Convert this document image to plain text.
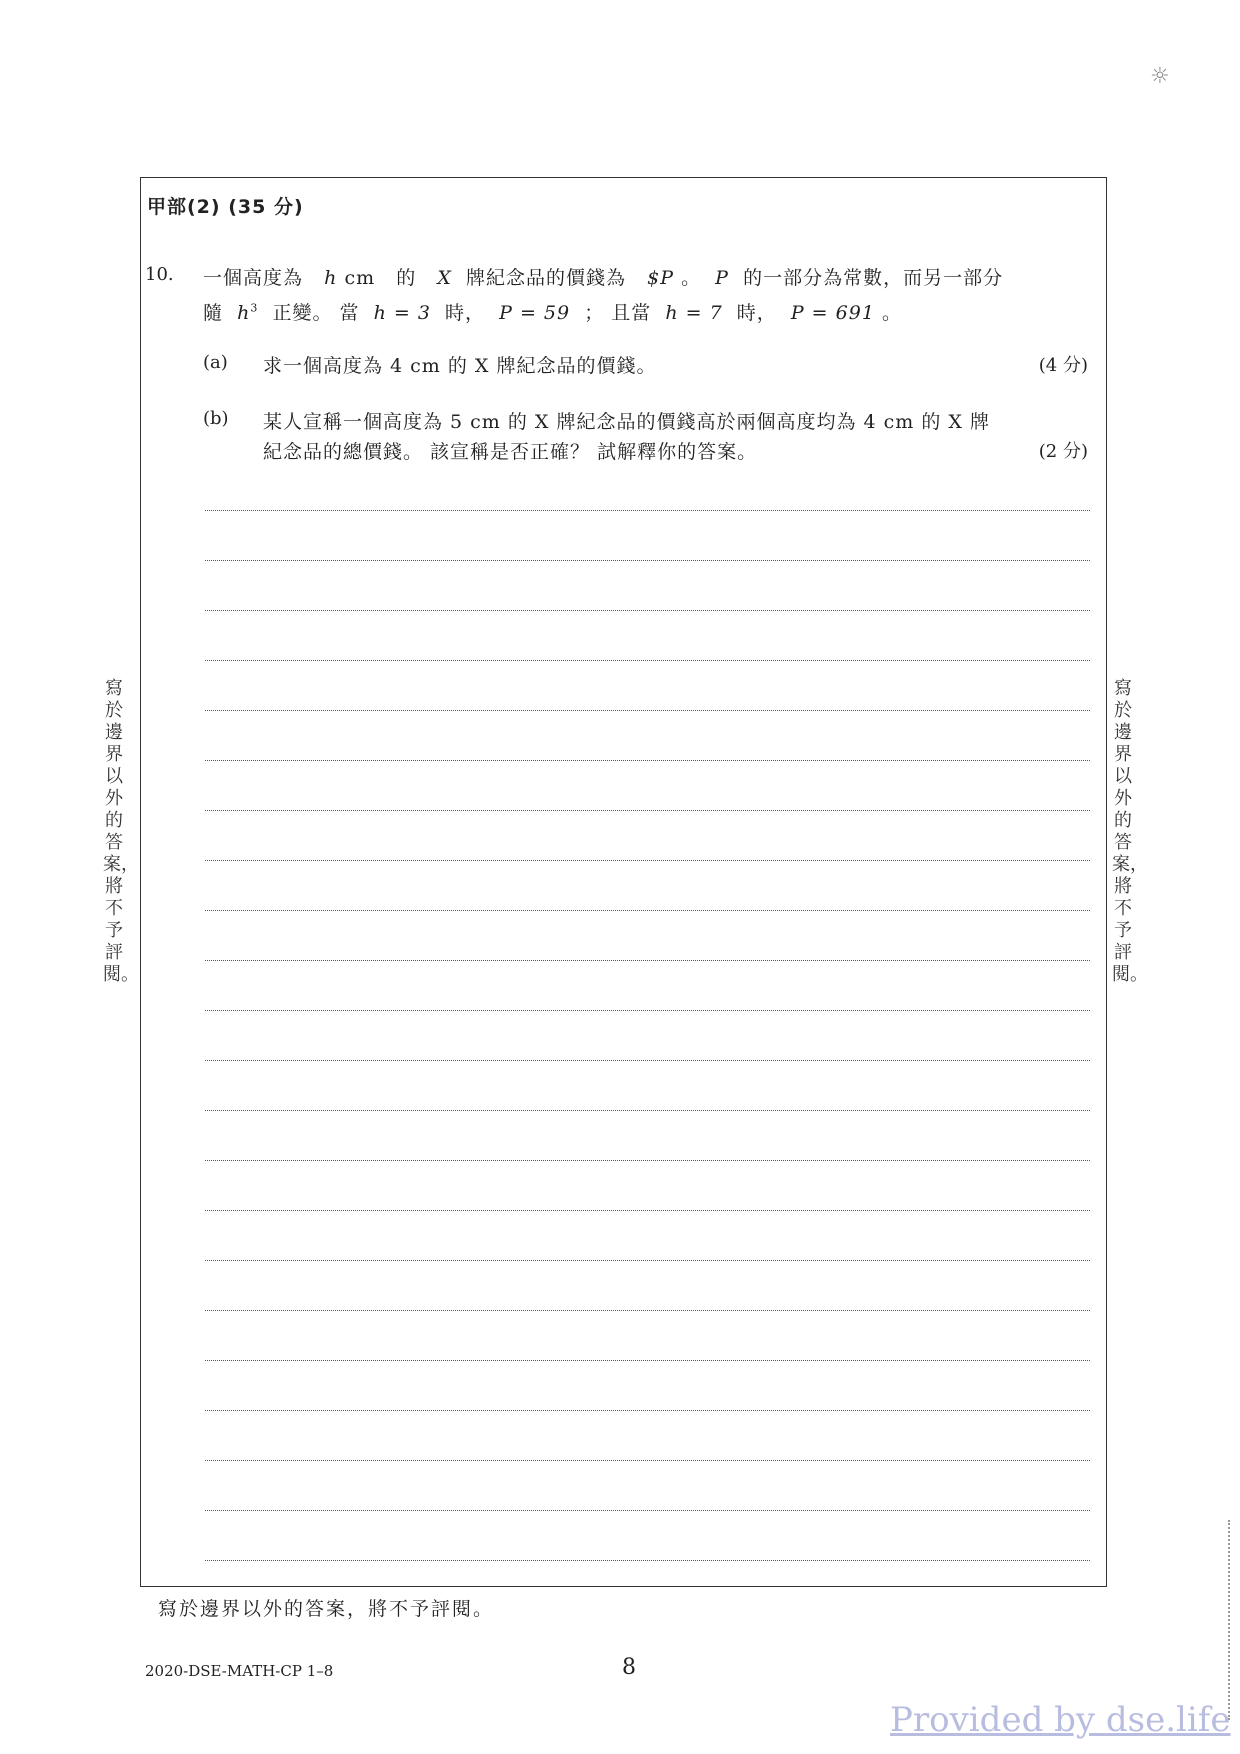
☼
甲部(2) (35 分)
10. 一個高度為 h cm 的 X 牌紀念品的價錢為 $P 。 P 的一部分為常數，而另一部分
隨 $h^3$ 正變。 當 h = 3 時， P = 59 ； 且當 h = 7 時， P = 691 。
(a) 求一個高度為 4 cm 的 X 牌紀念品的價錢。	(4 分)
(b) 某人宣稱一個高度為 5 cm 的 X 牌紀念品的價錢高於兩個高度均為 4 cm 的 X 牌
紀念品的總價錢。 該宣稱是否正確？ 試解釋你的答案。	(2 分)
寫於邊界以外的答案，將不予評閱。
寫於邊界以外的答案，將不予評閱。
寫於邊界以外的答案，將不予評閱。
2020-DSE-MATH-CP 1–8	8
Provided by dse.life
